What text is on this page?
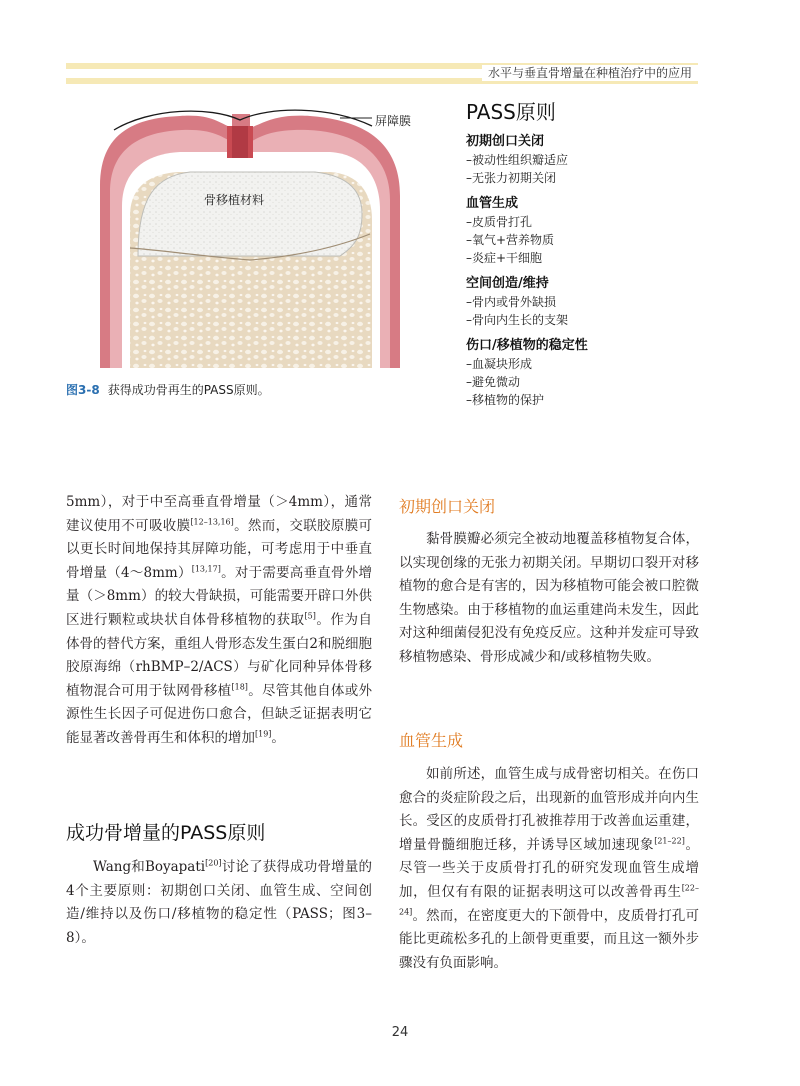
水平与垂直骨增量在种植治疗中的应用
屏障膜
骨移植材料
PASS原则
初期创口关闭
–被动性组织瓣适应
–无张力初期关闭
血管生成
–皮质骨打孔
–氧气+营养物质
–炎症+干细胞
空间创造/维持
–骨内或骨外缺损
–骨向内生长的支架
伤口/移植物的稳定性
–血凝块形成
–避免微动
–移植物的保护
图3-8 获得成功骨再生的PASS原则。

5mm），对于中至高垂直骨增量（＞4mm），通常建议使用不可吸收膜[12–13,16]。然而，交联胶原膜可以更长时间地保持其屏障功能，可考虑用于中垂直骨增量（4～8mm）[13,17]。对于需要高垂直骨外增量（＞8mm）的较大骨缺损，可能需要开辟口外供区进行颗粒或块状自体骨移植物的获取[5]。作为自体骨的替代方案，重组人骨形态发生蛋白2和脱细胞胶原海绵（rhBMP–2/ACS）与矿化同种异体骨移植物混合可用于钛网骨移植[18]。尽管其他自体或外源性生长因子可促进伤口愈合，但缺乏证据表明它能显著改善骨再生和体积的增加[19]。

成功骨增量的PASS原则

Wang和Boyapati[20]讨论了获得成功骨增量的4个主要原则：初期创口关闭、血管生成、空间创造/维持以及伤口/移植物的稳定性（PASS；图3–8）。

初期创口关闭

黏骨膜瓣必须完全被动地覆盖移植物复合体，以实现创缘的无张力初期关闭。早期切口裂开对移植物的愈合是有害的，因为移植物可能会被口腔微生物感染。由于移植物的血运重建尚未发生，因此对这种细菌侵犯没有免疫反应。这种并发症可导致移植物感染、骨形成减少和/或移植物失败。

血管生成

如前所述，血管生成与成骨密切相关。在伤口愈合的炎症阶段之后，出现新的血管形成并向内生长。受区的皮质骨打孔被推荐用于改善血运重建，增量骨髓细胞迁移，并诱导区域加速现象[21–22]。尽管一些关于皮质骨打孔的研究发现血管生成增加，但仅有有限的证据表明这可以改善骨再生[22–24]。然而，在密度更大的下颌骨中，皮质骨打孔可能比更疏松多孔的上颌骨更重要，而且这一额外步骤没有负面影响。

24
